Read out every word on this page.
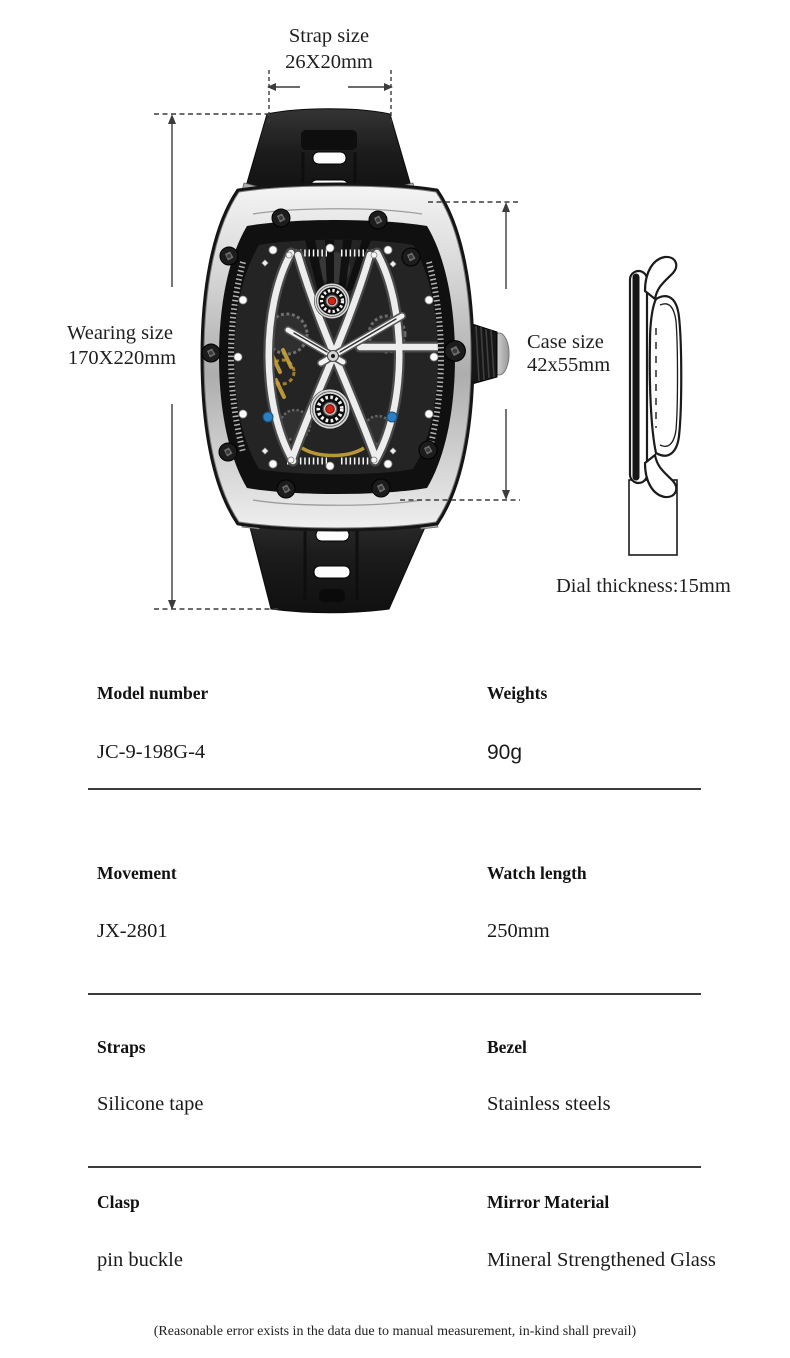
Strap size
26X20mm
Wearing size
170X220mm
Case size
42x55mm
Dial thickness:15mm
Model number	Weights
JC-9-198G-4	90g
Movement	Watch length
JX-2801	250mm
Straps	Bezel
Silicone tape	Stainless steels
Clasp	Mirror Material
pin buckle	Mineral Strengthened Glass
(Reasonable error exists in the data due to manual measurement, in-kind shall prevail)
